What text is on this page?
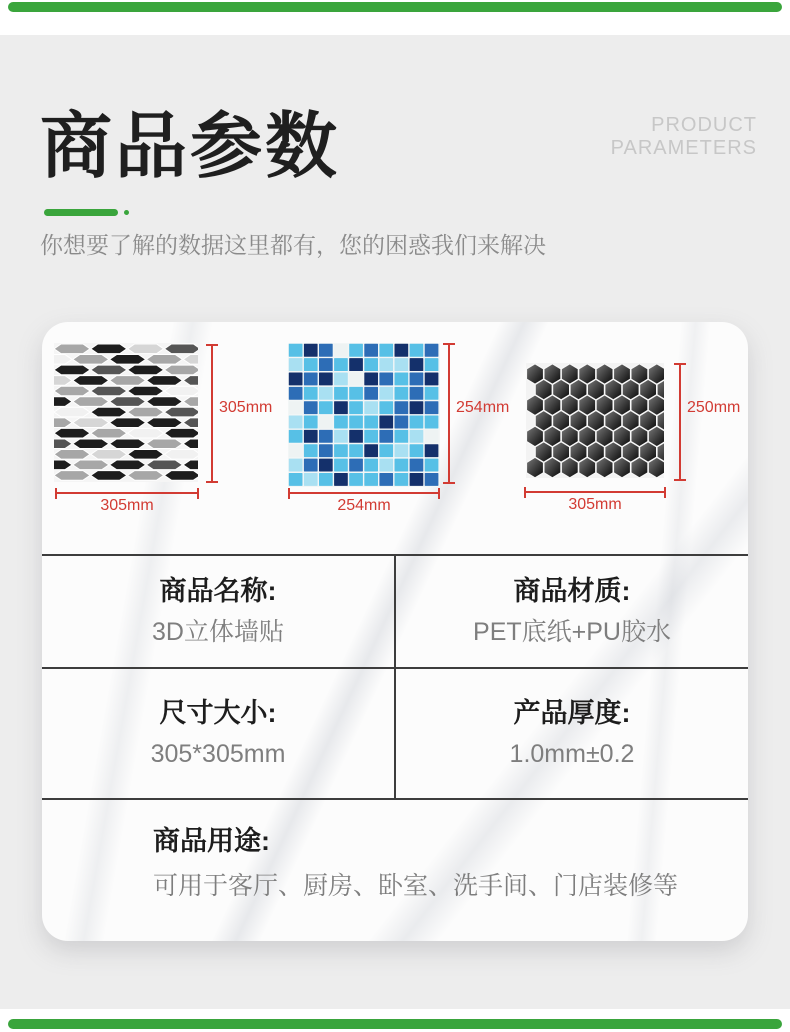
商品参数	PRODUCT
PARAMETERS

你想要了解的数据这里都有，您的困惑我们来解决

305mm
305mm
254mm
254mm
250mm
305mm
商品名称:
3D立体墙贴
商品材质:
PET底纸+PU胶水
尺寸大小:
305*305mm
产品厚度:
1.0mm±0.2
商品用途:
可用于客厅、厨房、卧室、洗手间、门店装修等
